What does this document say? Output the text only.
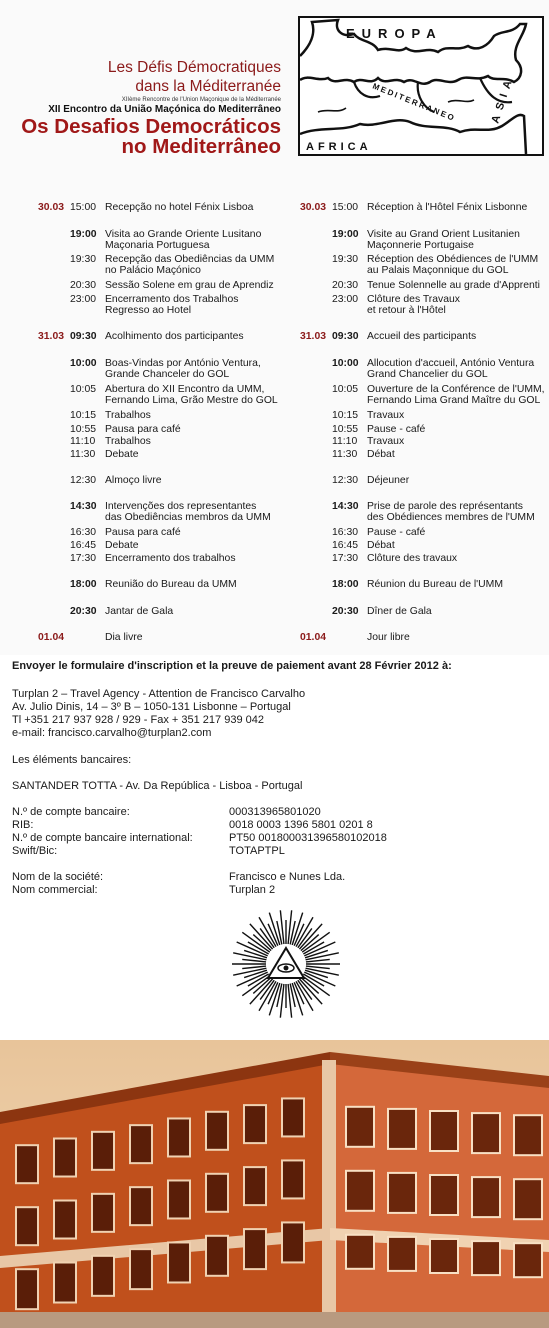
Les Défis Démocratiques
dans la Méditerranée
XIIème Rencontre de l'Union Maçonique de la Méditerranée
XII Encontro da União Maçónica do Mediterrâneo
Os Desafios Democráticos
no Mediterrâneo
EUROPA
ASIA
MEDITERRANEO
AFRICA
30.03 15:00 Recepção no hotel Fénix Lisboa
19:00 Visita ao Grande Oriente Lusitano
Maçonaria Portuguesa
19:30 Recepção das Obediências da UMM
no Palácio Maçónico
20:30 Sessão Solene em grau de Aprendiz
23:00 Encerramento dos Trabalhos
Regresso ao Hotel
31.03 09:30 Acolhimento dos participantes
10:00 Boas-Vindas por António Ventura,
Grande Chanceler do GOL
10:05 Abertura do XII Encontro da UMM,
Fernando Lima, Grão Mestre do GOL
10:15 Trabalhos
10:55 Pausa para café
11:10 Trabalhos
11:30 Debate
12:30 Almoço livre
14:30 Intervenções dos representantes
das Obediências membros da UMM
16:30 Pausa para café
16:45 Debate
17:30 Encerramento dos trabalhos
18:00 Reunião do Bureau da UMM
20:30 Jantar de Gala
01.04	Dia livre
30.03 15:00 Réception à l'Hôtel Fénix Lisbonne
19:00 Visite au Grand Orient Lusitanien
Maçonnerie Portugaise
19:30 Réception des Obédiences de l'UMM
au Palais Maçonnique du GOL
20:30 Tenue Solennelle au grade d'Apprenti
23:00 Clôture des Travaux
et retour à l'Hôtel
31.03 09:30 Accueil des participants
10:00 Allocution d'accueil, António Ventura
Grand Chancelier du GOL
10:05 Ouverture de la Conférence de l'UMM,
Fernando Lima Grand Maître du GOL
10:15 Travaux
10:55 Pause - café
11:10 Travaux
11:30 Débat
12:30 Déjeuner
14:30 Prise de parole des représentants
des Obédiences membres de l'UMM
16:30 Pause - café
16:45 Débat
17:30 Clôture des travaux
18:00 Réunion du Bureau de l'UMM
20:30 Dîner de Gala
01.04	Jour libre
Envoyer le formulaire d'inscription et la preuve de paiement avant 28 Février 2012 à:
Turplan 2 – Travel Agency - Attention de Francisco Carvalho
Av. Julio Dinis, 14 – 3º B – 1050-131 Lisbonne – Portugal
Tl +351 217 937 928 / 929 - Fax + 351 217 939 042
e-mail: francisco.carvalho@turplan2.com
Les éléments bancaires:
SANTANDER TOTTA - Av. Da República - Lisboa - Portugal
N.º de compte bancaire:	000313965801020
RIB:	0018 0003 1396 5801 0201 8
N.º de compte bancaire international:	PT50 001800031396580102018
Swift/Bic:	TOTAPTPL
Nom de la société:	Francisco e Nunes Lda.
Nom commercial:	Turplan 2
